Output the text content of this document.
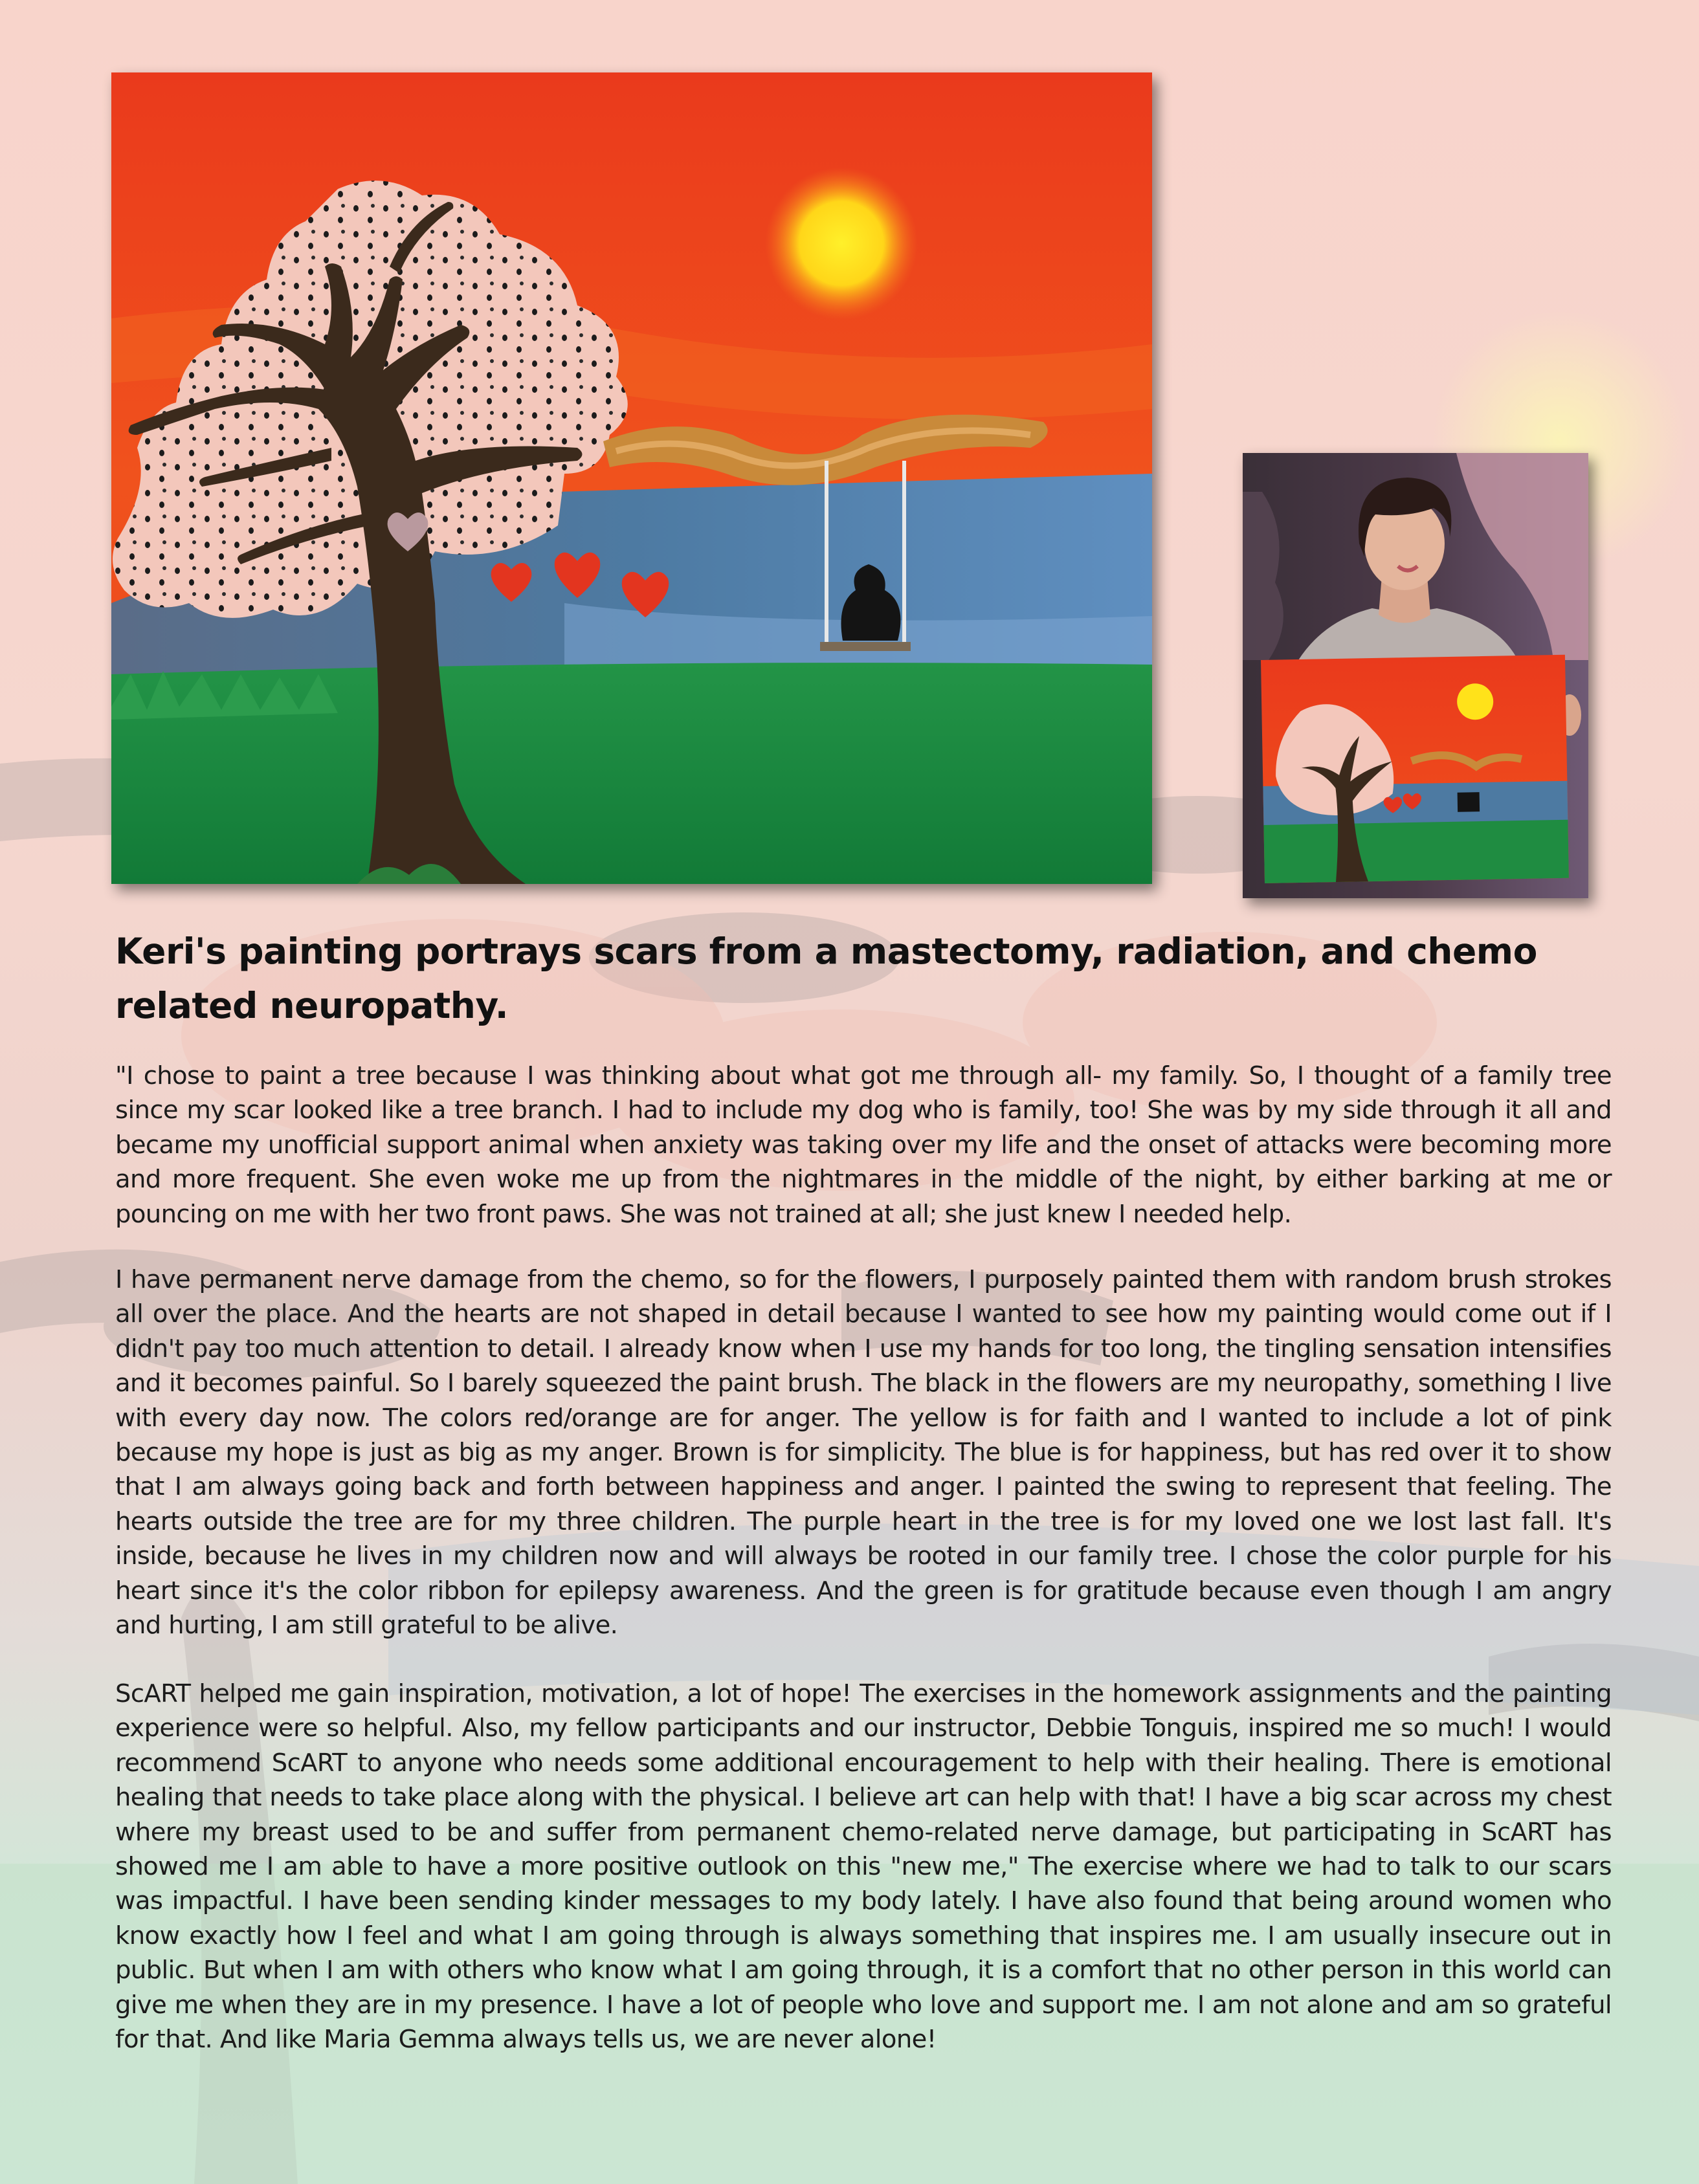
Keri's painting portrays scars from a mastectomy, radiation, and chemo related neuropathy.

"I chose to paint a tree because I was thinking about what got me through all- my family. So, I thought of a family tree since my scar looked like a tree branch. I had to include my dog who is family, too! She was by my side through it all and became my unofficial support animal when anxiety was taking over my life and the onset of attacks were becoming more and more frequent. She even woke me up from the nightmares in the middle of the night, by either barking at me or pouncing on me with her two front paws. She was not trained at all; she just knew I needed help.

I have permanent nerve damage from the chemo, so for the flowers, I purposely painted them with random brush strokes all over the place. And the hearts are not shaped in detail because I wanted to see how my painting would come out if I didn't pay too much attention to detail. I already know when I use my hands for too long, the tingling sensation intensifies and it becomes painful. So I barely squeezed the paint brush. The black in the flowers are my neuropathy, something I live with every day now. The colors red/orange are for anger. The yellow is for faith and I wanted to include a lot of pink because my hope is just as big as my anger. Brown is for simplicity. The blue is for happiness, but has red over it to show that I am always going back and forth between happiness and anger. I painted the swing to represent that feeling. The hearts outside the tree are for my three children. The purple heart in the tree is for my loved one we lost last fall. It's inside, because he lives in my children now and will always be rooted in our family tree. I chose the color purple for his heart since it's the color ribbon for epilepsy awareness. And the green is for gratitude because even though I am angry and hurting, I am still grateful to be alive.

ScART helped me gain inspiration, motivation, a lot of hope! The exercises in the homework assignments and the painting experience were so helpful. Also, my fellow participants and our instructor, Debbie Tonguis, inspired me so much! I would recommend ScART to anyone who needs some additional encouragement to help with their healing. There is emotional healing that needs to take place along with the physical. I believe art can help with that! I have a big scar across my chest where my breast used to be and suffer from permanent chemo-related nerve damage, but participating in ScART has showed me I am able to have a more positive outlook on this "new me," The exercise where we had to talk to our scars was impactful. I have been sending kinder messages to my body lately. I have also found that being around women who know exactly how I feel and what I am going through is always something that inspires me. I am usually insecure out in public. But when I am with others who know what I am going through, it is a comfort that no other person in this world can give me when they are in my presence. I have a lot of people who love and support me. I am not alone and am so grateful for that. And like Maria Gemma always tells us, we are never alone!
